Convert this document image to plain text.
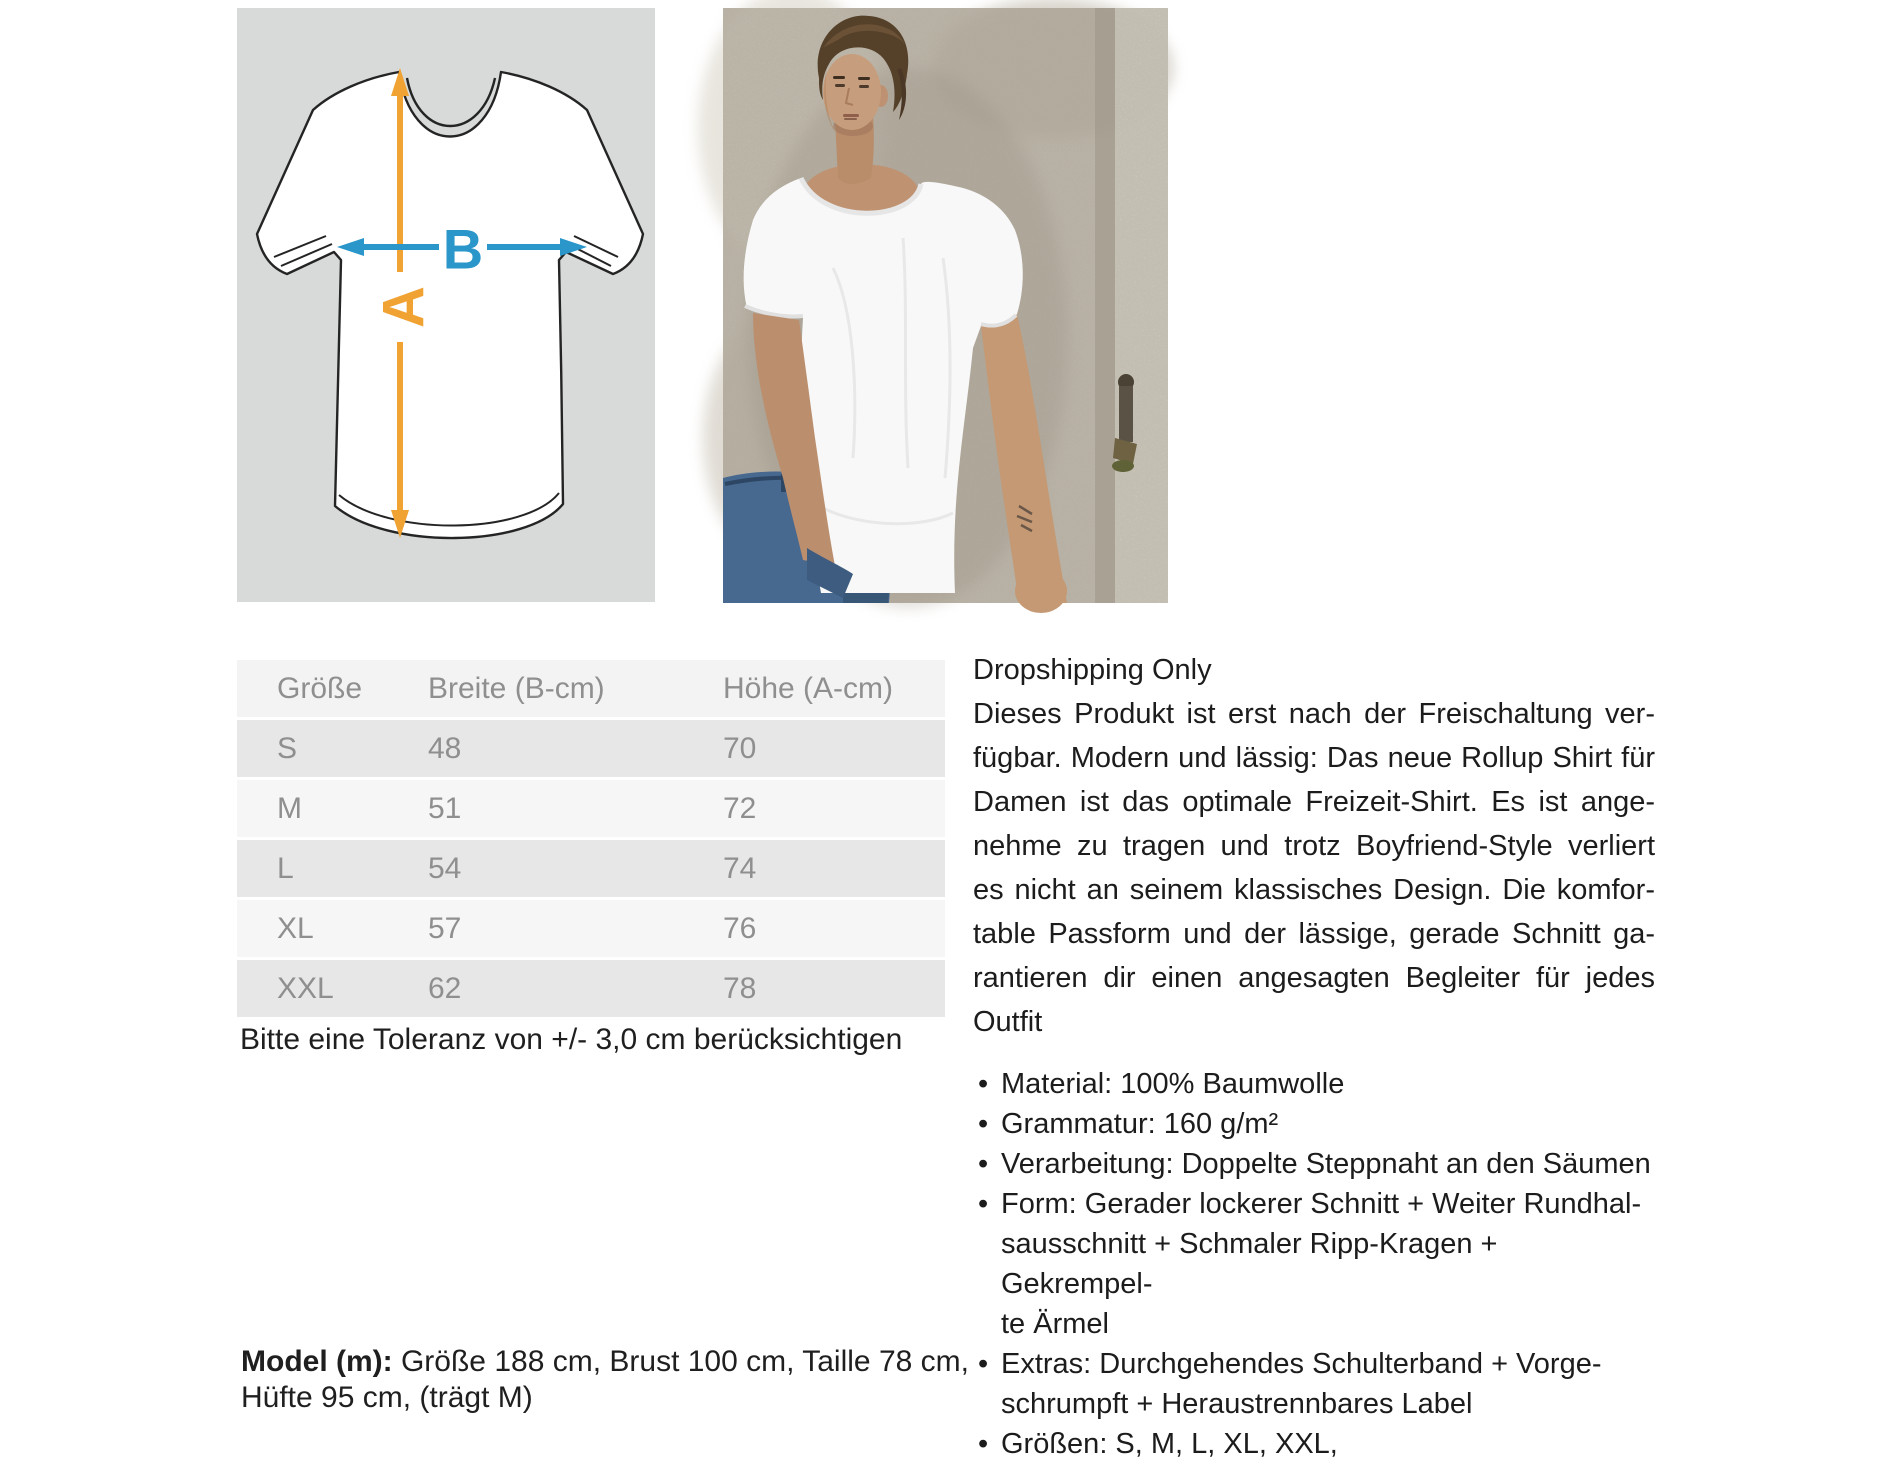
A
B
Größe	Breite (B-cm)	Höhe (A-cm)
S	48	70
M	51	72
L	54	74
XL	57	76
XXL	62	78
Bitte eine Toleranz von +/- 3,0 cm berücksichtigen
Model (m): Größe 188 cm, Brust 100 cm, Taille 78 cm, Hüfte 95 cm, (trägt M)
Dropshipping Only
Dieses Produkt ist erst nach der Freischaltung ver-
fügbar. Modern und lässig: Das neue Rollup Shirt für
Damen ist das optimale Freizeit-Shirt. Es ist ange-
nehme zu tragen und trotz Boyfriend-Style verliert
es nicht an seinem klassisches Design. Die komfor-
table Passform und der lässige, gerade Schnitt ga-
rantieren dir einen angesagten Begleiter für jedes
Outfit
• Material: 100% Baumwolle
• Grammatur: 160 g/m²
• Verarbeitung: Doppelte Steppnaht an den Säumen
• Form: Gerader lockerer Schnitt + Weiter Rundhal-
sausschnitt + Schmaler Ripp-Kragen + Gekrempel-
te Ärmel
• Extras: Durchgehendes Schulterband + Vorge-
schrumpft + Heraustrennbares Label
• Größen: S, M, L, XL, XXL,
